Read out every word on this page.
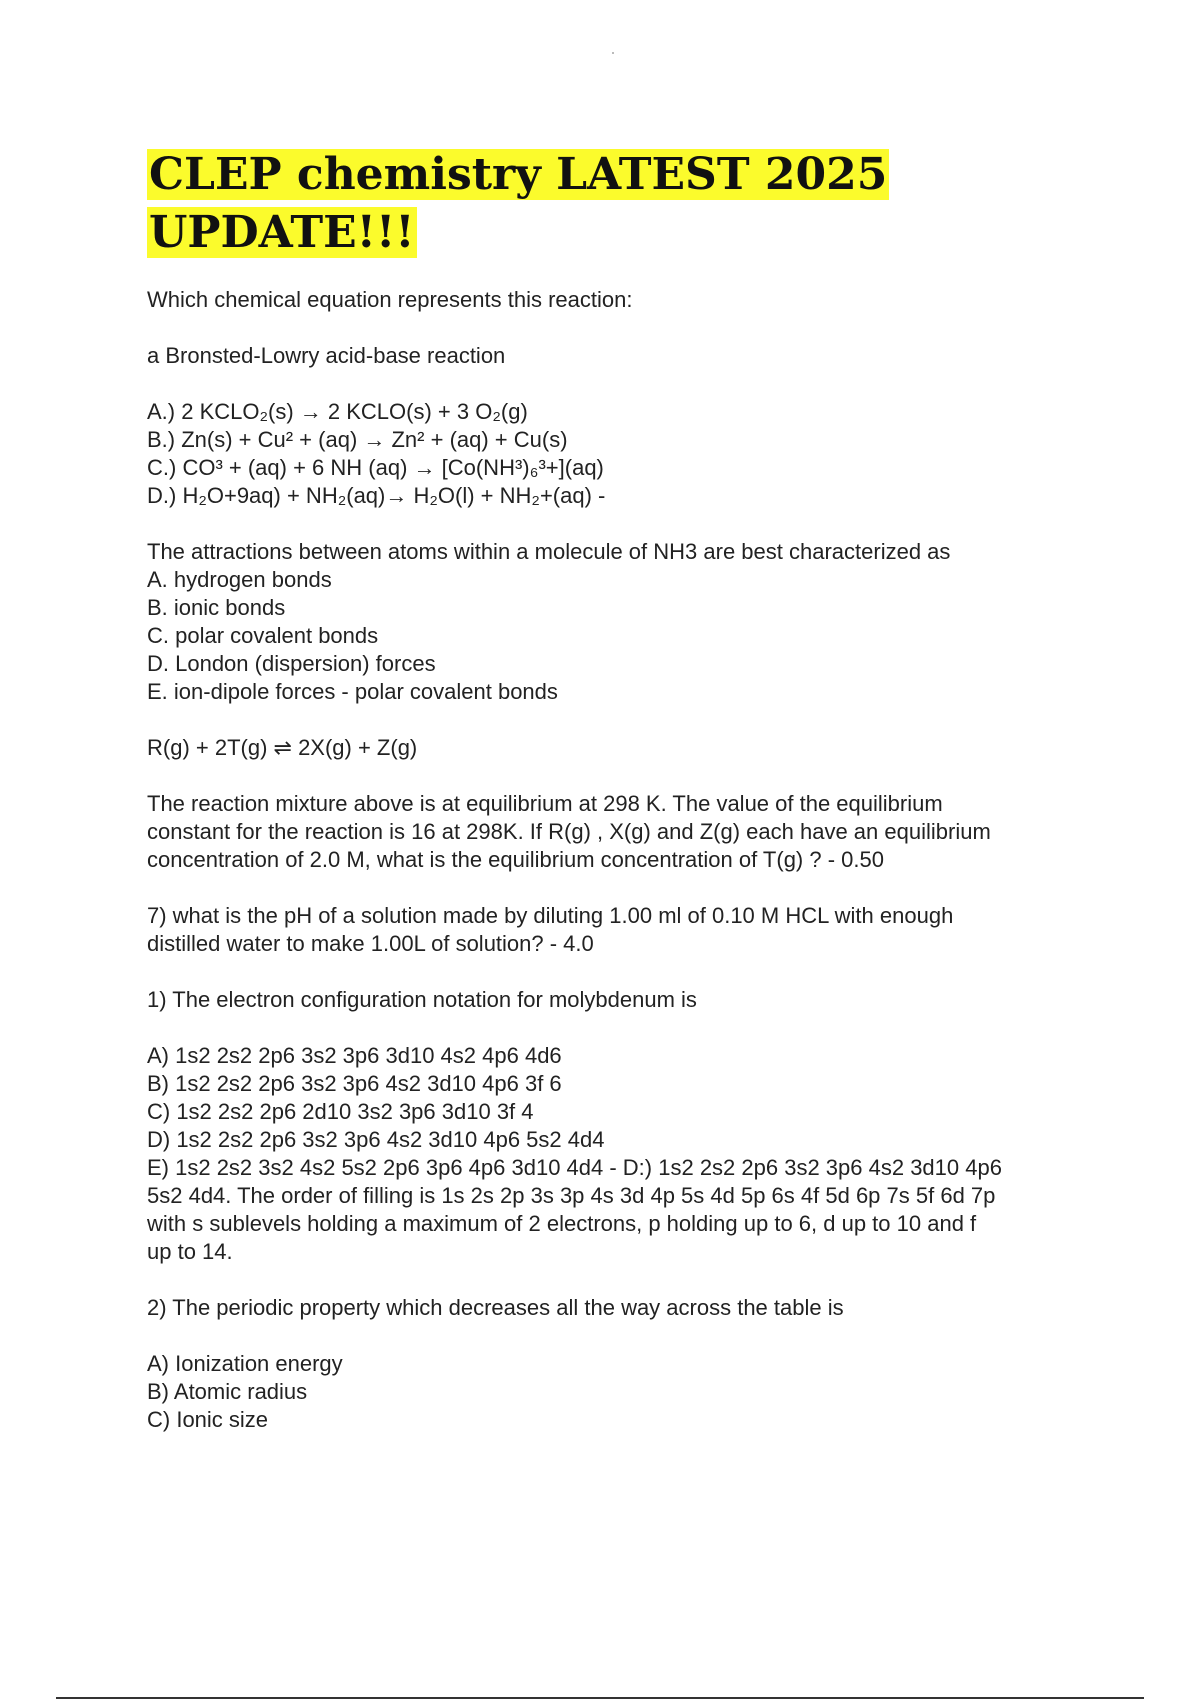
CLEP chemistry LATEST 2025
UPDATE!!!

Which chemical equation represents this reaction:

a Bronsted-Lowry acid-base reaction

A.) 2 KCLO₂(s) → 2 KCLO(s) + 3 O₂(g)
B.) Zn(s) + Cu² + (aq) → Zn² + (aq) + Cu(s)
C.) CO³ + (aq) + 6 NH (aq) → [Co(NH³)₆³+](aq)
D.) H₂O+9aq) + NH₂(aq)→ H₂O(l) + NH₂+(aq) -

The attractions between atoms within a molecule of NH3 are best characterized as
A. hydrogen bonds
B. ionic bonds
C. polar covalent bonds
D. London (dispersion) forces
E. ion-dipole forces - polar covalent bonds

R(g) + 2T(g) ⇌ 2X(g) + Z(g)

The reaction mixture above is at equilibrium at 298 K. The value of the equilibrium
constant for the reaction is 16 at 298K. If R(g) , X(g) and Z(g) each have an equilibrium
concentration of 2.0 M, what is the equilibrium concentration of T(g) ? - 0.50

7) what is the pH of a solution made by diluting 1.00 ml of 0.10 M HCL with enough
distilled water to make 1.00L of solution? - 4.0

1) The electron configuration notation for molybdenum is

A) 1s2 2s2 2p6 3s2 3p6 3d10 4s2 4p6 4d6
B) 1s2 2s2 2p6 3s2 3p6 4s2 3d10 4p6 3f 6
C) 1s2 2s2 2p6 2d10 3s2 3p6 3d10 3f 4
D) 1s2 2s2 2p6 3s2 3p6 4s2 3d10 4p6 5s2 4d4
E) 1s2 2s2 3s2 4s2 5s2 2p6 3p6 4p6 3d10 4d4 - D:) 1s2 2s2 2p6 3s2 3p6 4s2 3d10 4p6
5s2 4d4. The order of filling is 1s 2s 2p 3s 3p 4s 3d 4p 5s 4d 5p 6s 4f 5d 6p 7s 5f 6d 7p
with s sublevels holding a maximum of 2 electrons, p holding up to 6, d up to 10 and f
up to 14.

2) The periodic property which decreases all the way across the table is

A) Ionization energy
B) Atomic radius
C) Ionic size
